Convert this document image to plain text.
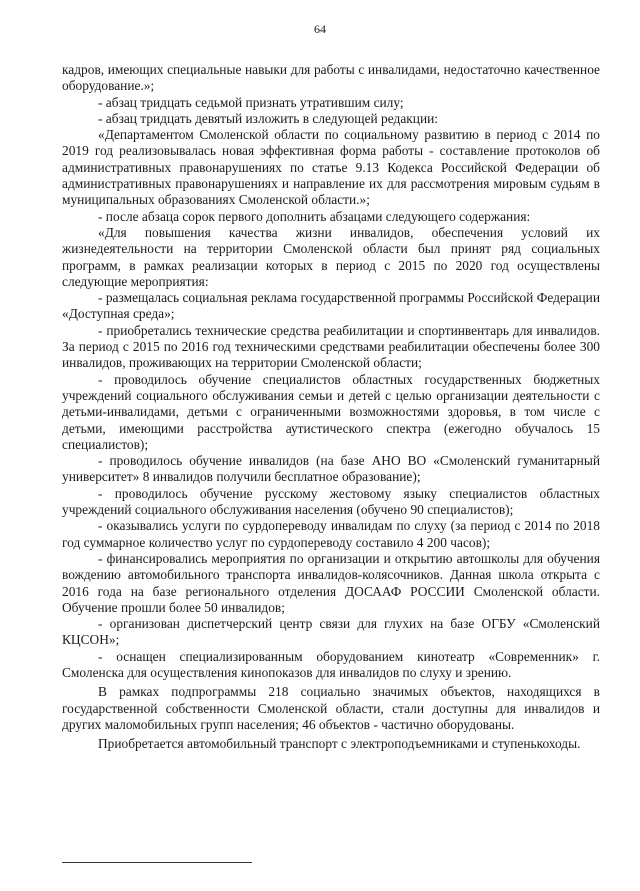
64

кадров, имеющих специальные навыки для работы с инвалидами, недостаточно качественное оборудование.»;

- абзац тридцать седьмой признать утратившим силу;

- абзац тридцать девятый изложить в следующей редакции:

«Департаментом Смоленской области по социальному развитию в период с 2014 по 2019 год реализовывалась новая эффективная форма работы - составление протоколов об административных правонарушениях по статье 9.13 Кодекса Российской Федерации об административных правонарушениях и направление их для рассмотрения мировым судьям в муниципальных образованиях Смоленской области.»;

- после абзаца сорок первого дополнить абзацами следующего содержания:

«Для повышения качества жизни инвалидов, обеспечения условий их жизнедеятельности на территории Смоленской области был принят ряд социальных программ, в рамках реализации которых в период с 2015 по 2020 год осуществлены следующие мероприятия:

- размещалась социальная реклама государственной программы Российской Федерации «Доступная среда»;

- приобретались технические средства реабилитации и спортинвентарь для инвалидов. За период с 2015 по 2016 год техническими средствами реабилитации обеспечены более 300 инвалидов, проживающих на территории Смоленской области;

- проводилось обучение специалистов областных государственных бюджетных учреждений социального обслуживания семьи и детей с целью организации деятельности с детьми-инвалидами, детьми с ограниченными возможностями здоровья, в том числе с детьми, имеющими расстройства аутистического спектра (ежегодно обучалось 15 специалистов);

- проводилось обучение инвалидов (на базе АНО ВО «Смоленский гуманитарный университет» 8 инвалидов получили бесплатное образование);

- проводилось обучение русскому жестовому языку специалистов областных учреждений социального обслуживания населения (обучено 90 специалистов);

- оказывались услуги по сурдопереводу инвалидам по слуху (за период с 2014 по 2018 год суммарное количество услуг по сурдопереводу составило 4 200 часов);

- финансировались мероприятия по организации и открытию автошколы для обучения вождению автомобильного транспорта инвалидов-колясочников. Данная школа открыта с 2016 года на базе регионального отделения ДОСААФ РОССИИ Смоленской области. Обучение прошли более 50 инвалидов;

- организован диспетчерский центр связи для глухих на базе ОГБУ «Смоленский КЦСОН»;

- оснащен специализированным оборудованием кинотеатр «Современник» г. Смоленска для осуществления кинопоказов для инвалидов по слуху и зрению.

В рамках подпрограммы 218 социально значимых объектов, находящихся в государственной собственности Смоленской области, стали доступны для инвалидов и других маломобильных групп населения; 46 объектов - частично оборудованы.

Приобретается автомобильный транспорт с электроподъемниками и ступенькоходы.
